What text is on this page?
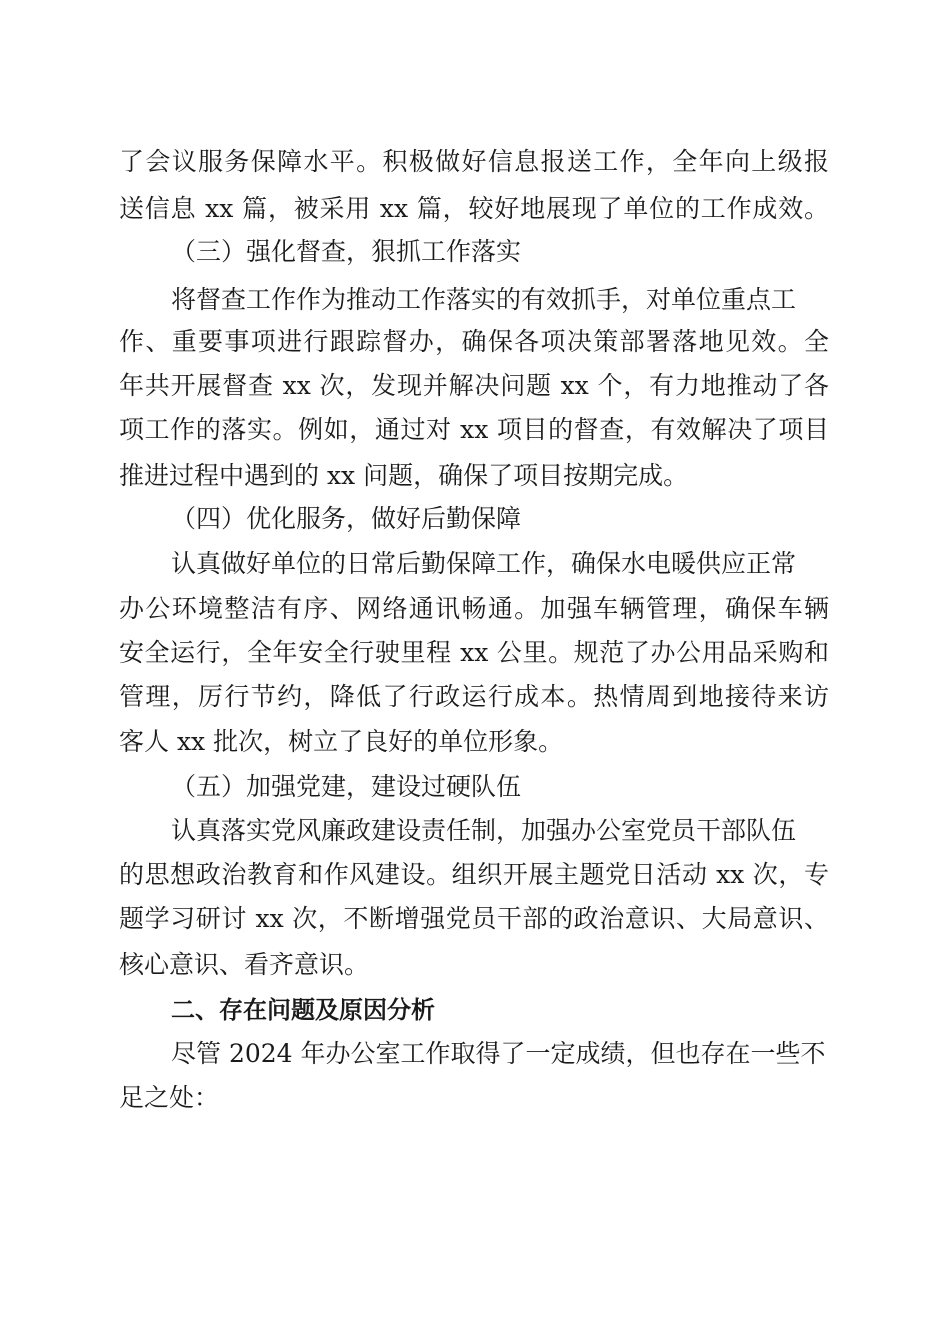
了会议服务保障水平。积极做好信息报送工作，全年向上级报

送信息 xx 篇，被采用 xx 篇，较好地展现了单位的工作成效。

（三）强化督查，狠抓工作落实

将督查工作作为推动工作落实的有效抓手，对单位重点工

作、重要事项进行跟踪督办，确保各项决策部署落地见效。全

年共开展督查 xx 次，发现并解决问题 xx 个，有力地推动了各

项工作的落实。例如，通过对 xx 项目的督查，有效解决了项目

推进过程中遇到的 xx 问题，确保了项目按期完成。

（四）优化服务，做好后勤保障

认真做好单位的日常后勤保障工作，确保水电暖供应正常

办公环境整洁有序、网络通讯畅通。加强车辆管理，确保车辆

安全运行，全年安全行驶里程 xx 公里。规范了办公用品采购和

管理，厉行节约，降低了行政运行成本。热情周到地接待来访

客人 xx 批次，树立了良好的单位形象。

（五）加强党建，建设过硬队伍

认真落实党风廉政建设责任制，加强办公室党员干部队伍

的思想政治教育和作风建设。组织开展主题党日活动 xx 次，专

题学习研讨 xx 次，不断增强党员干部的政治意识、大局意识、

核心意识、看齐意识。

二、存在问题及原因分析

尽管 2024 年办公室工作取得了一定成绩，但也存在一些不

足之处：
